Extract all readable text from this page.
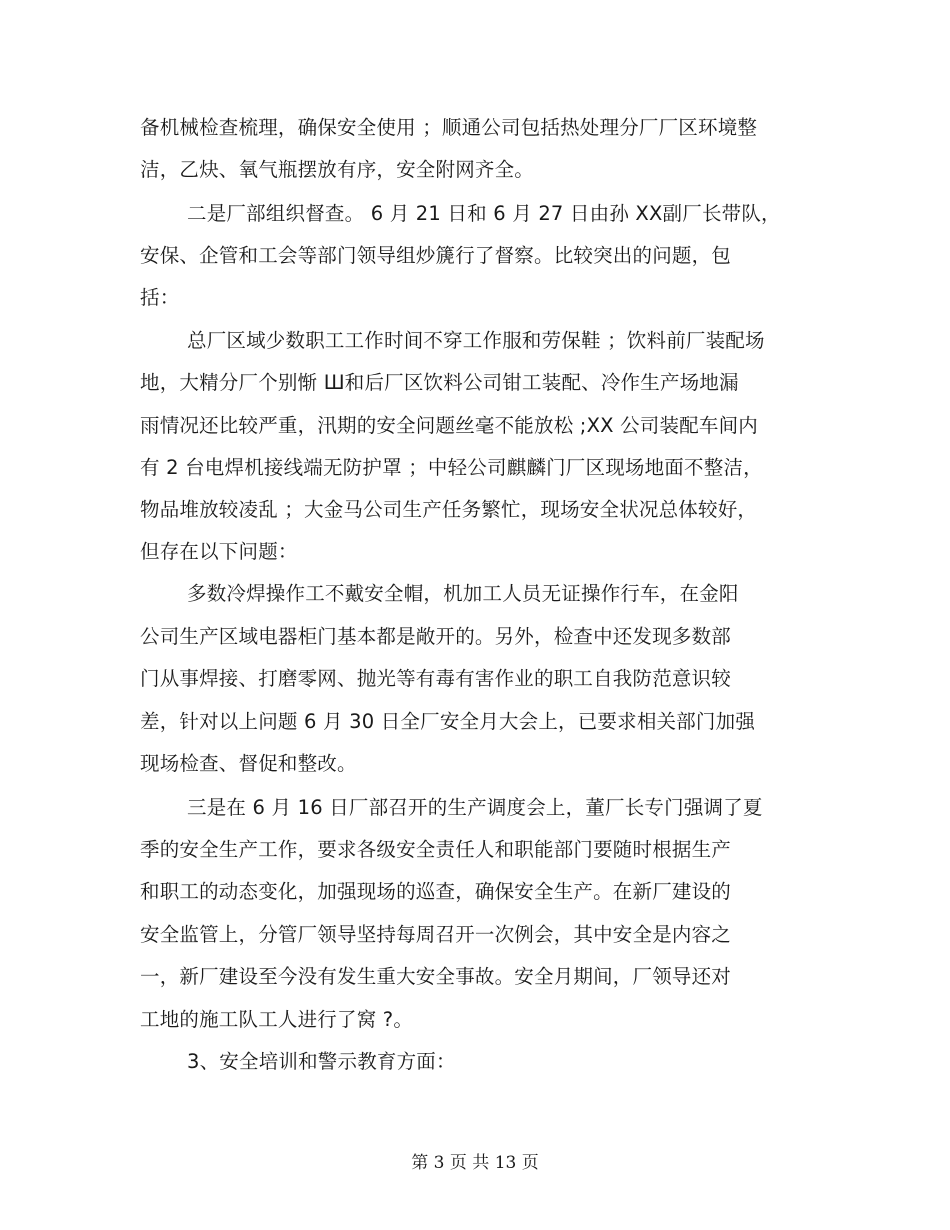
备机械检查梳理，确保安全使用 ；顺通公司包括热处理分厂厂区环境整
洁，乙炔、氧气瓶摆放有序，安全附网齐全。
二是厂部组织督查。 6 月 21 日和 6 月 27 日由孙 XX副厂长带队，
安保、企管和工会等部门领导组炒篪行了督察。比较突出的问题，包
括：
总厂区域少数职工工作时间不穿工作服和劳保鞋 ；饮料前厂装配场
地，大精分厂个别惭 Ш和后厂区饮料公司钳工装配、冷作生产场地漏
雨情况还比较严重，汛期的安全问题丝毫不能放松 ;XX 公司装配车间内
有 2 台电焊机接线端无防护罩 ；中轻公司麒麟门厂区现场地面不整洁，
物品堆放较凌乱 ；大金马公司生产任务繁忙，现场安全状况总体较好，
但存在以下问题：
多数冷焊操作工不戴安全帽，机加工人员无证操作行车，在金阳
公司生产区域电器柜门基本都是敞开的。另外，检查中还发现多数部
门从事焊接、打磨零网、抛光等有毒有害作业的职工自我防范意识较
差，针对以上问题 6 月 30 日全厂安全月大会上，已要求相关部门加强
现场检查、督促和整改。
三是在 6 月 16 日厂部召开的生产调度会上，董厂长专门强调了夏
季的安全生产工作，要求各级安全责任人和职能部门要随时根据生产
和职工的动态变化，加强现场的巡查，确保安全生产。在新厂建设的
安全监管上，分管厂领导坚持每周召开一次例会，其中安全是内容之
一，新厂建设至今没有发生重大安全事故。安全月期间，厂领导还对
工地的施工队工人进行了窝 ?。
3、安全培训和警示教育方面：
第 3 页 共 13 页
